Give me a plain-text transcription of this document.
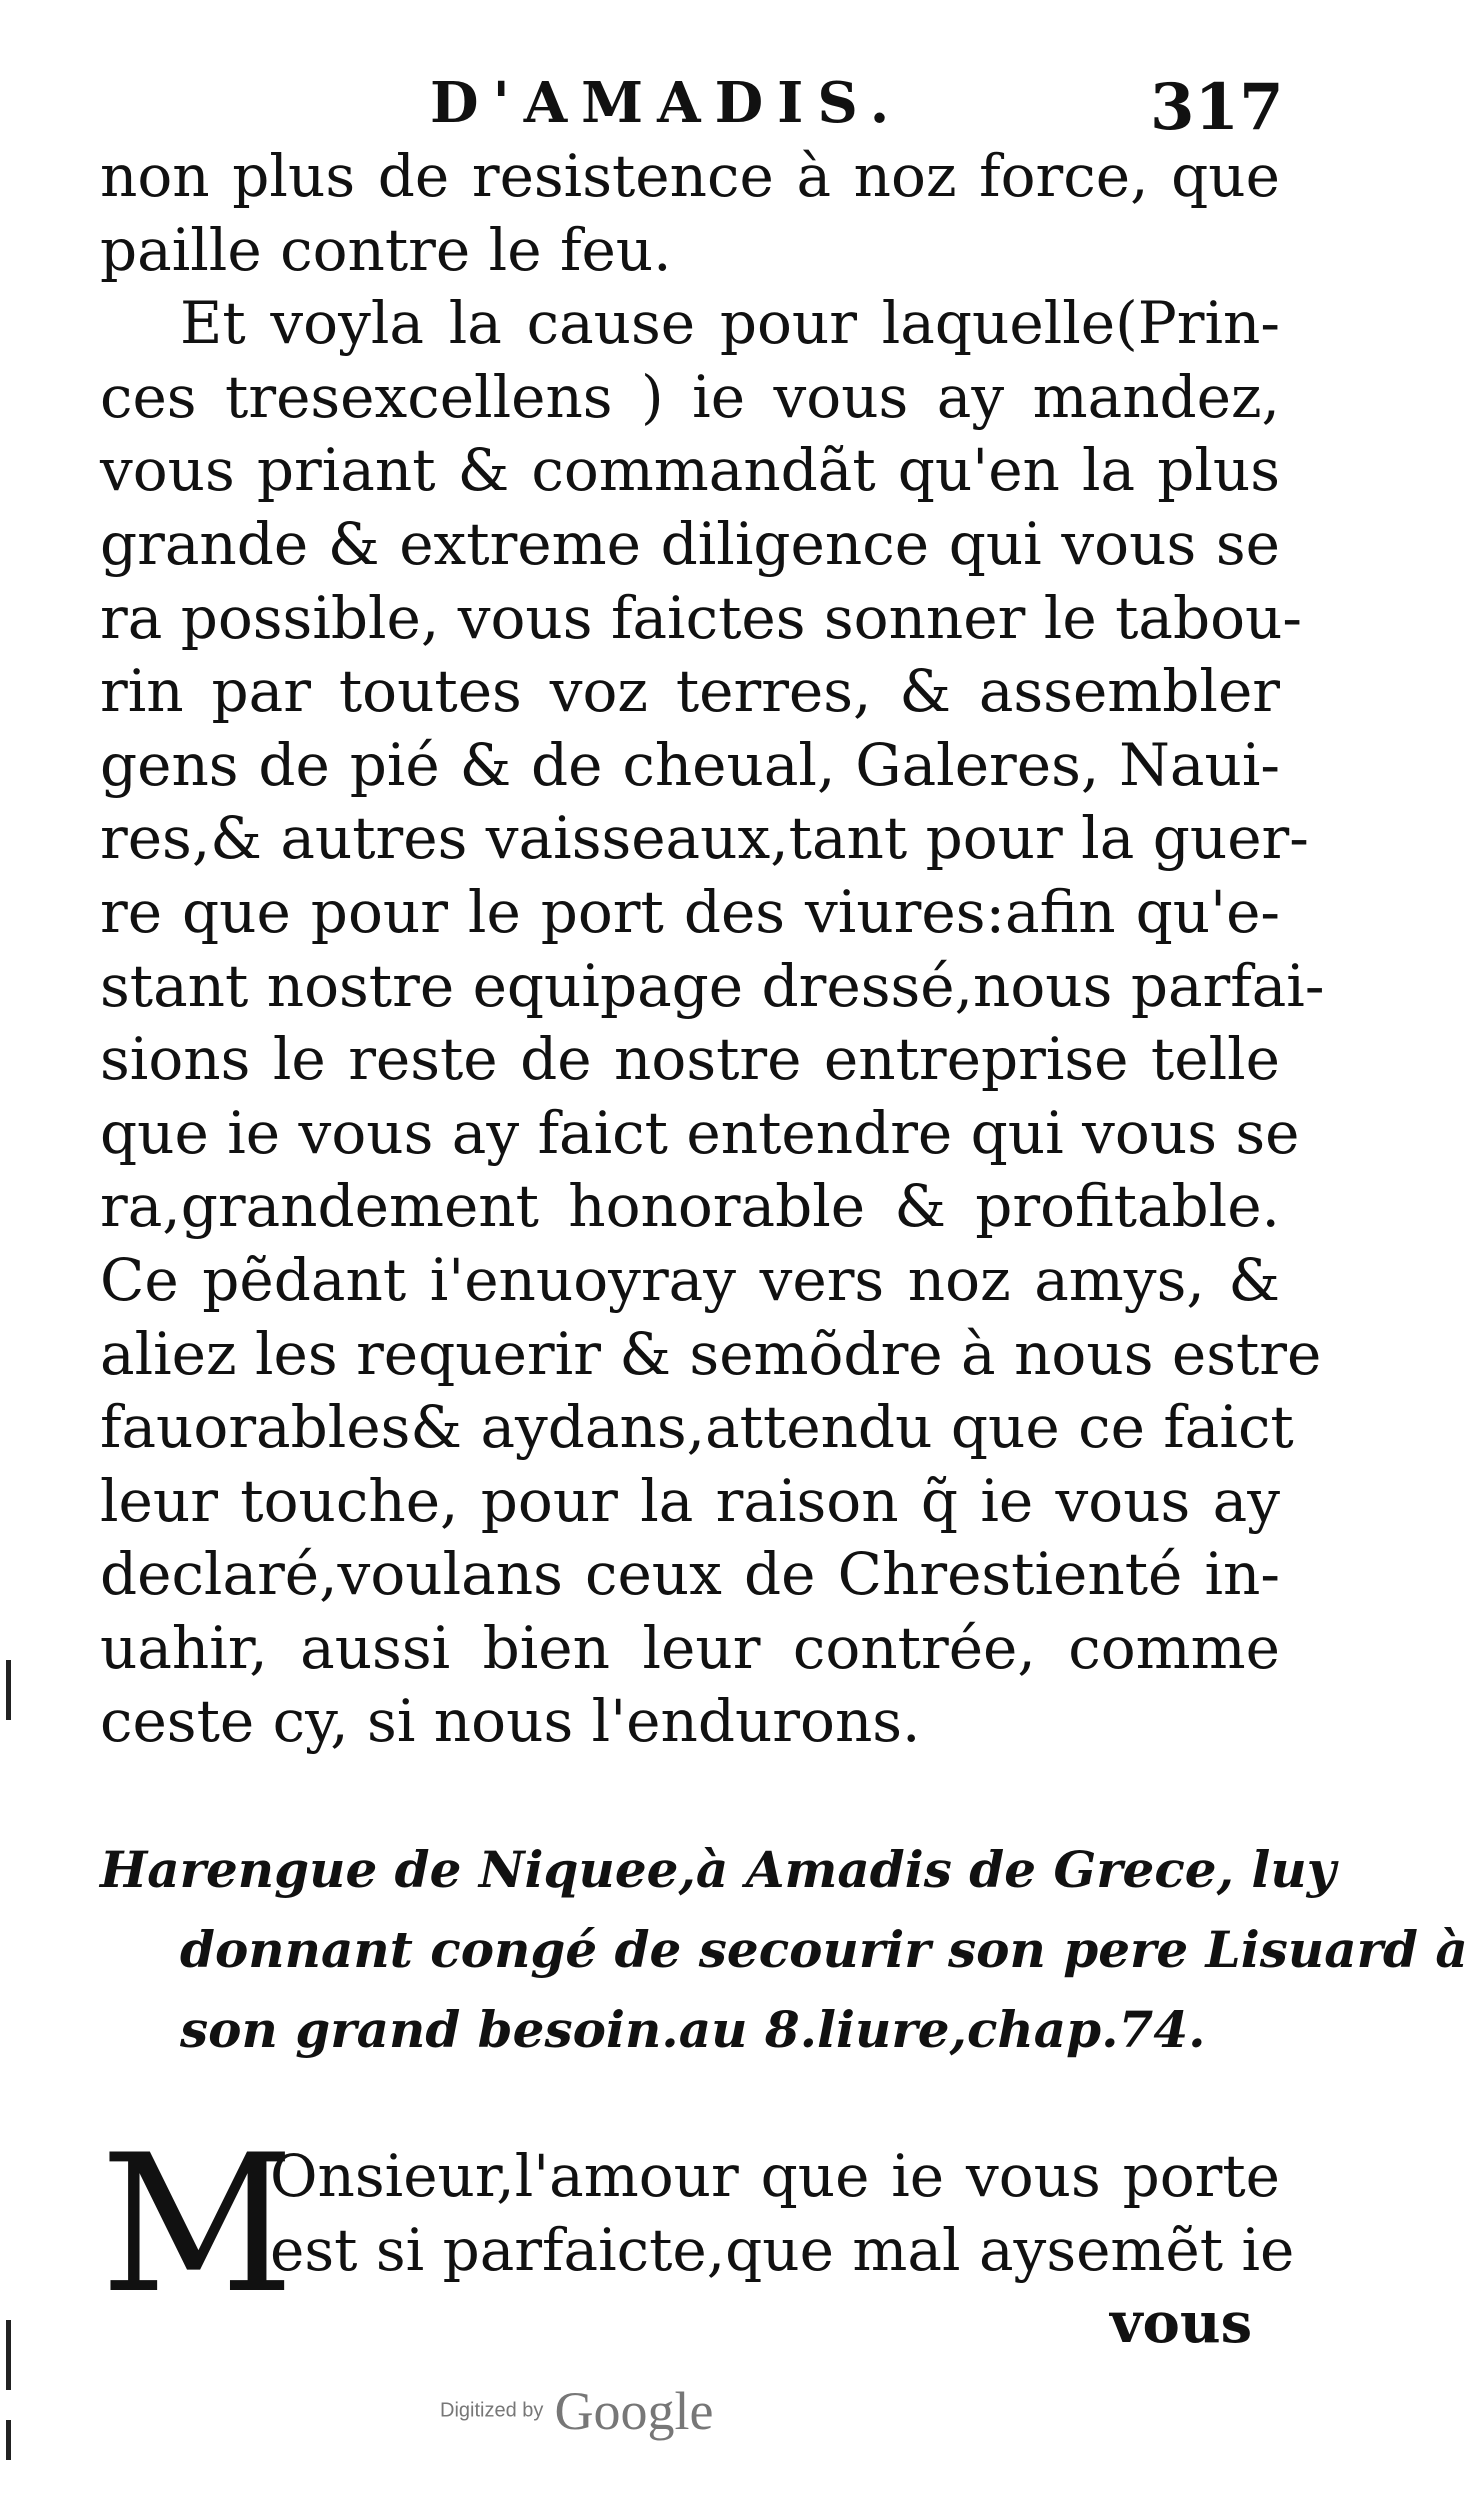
D'AMADIS.	317
non plus de resistence à noz force, que
paille contre le feu.
Et voyla la cause pour laquelle(Prin-
ces tresexcellens ) ie vous ay mandez,
vous priant & commandãt qu'en la plus
grande & extreme diligence qui vous se
ra possible, vous faictes sonner le tabou-
rin par toutes voz terres, & assembler
gens de pié & de cheual, Galeres, Naui-
res,& autres vaisseaux,tant pour la guer-
re que pour le port des viures:afin qu'e-
stant nostre equipage dressé,nous parfai-
sions le reste de nostre entreprise telle
que ie vous ay faict entendre qui vous se
ra,grandement honorable & profitable.
Ce pẽdant i'enuoyray vers noz amys, &
aliez les requerir & semõdre à nous estre
fauorables& aydans,attendu que ce faict
leur touche, pour la raison q̃ ie vous ay
declaré,voulans ceux de Chrestienté in-
uahir, aussi bien leur contrée, comme
ceste cy, si nous l'endurons.
Harengue de Niquee,à Amadis de Grece, luy
donnant congé de secourir son pere Lisuard à
son grand besoin.au 8.liure,chap.74.
M
Onsieur,l'amour que ie vous porte
est si parfaicte,que mal aysemẽt ie
vous
Digitized by Google
